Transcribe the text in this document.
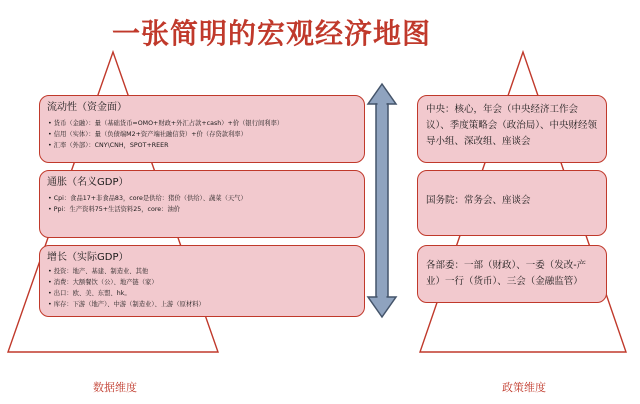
一张简明的宏观经济地图
流动性（资金面）
• 货币（金融）：量（基础货币=OMO+财政+外汇占款+cash）+价（银行间利率）
• 信用（实体）：量（负债端M2+资产端社融信贷）+价（存贷款利率）
• 汇率（外部）：CNY\CNH，SPOT+REER
通胀（名义GDP）
• Cpi：食品17+非食品83，core是供给：猪价（供给）、蔬菜（天气）
• Ppi：生产资料75+生活资料25，core：油价
增长（实际GDP）
• 投资：地产、基建、制造业、其他
• 消费：大额餐饮（公）、地产链（家）
• 出口：欧、美、东盟、hk。
• 库存：下游（地产）、中游（制造业）、上游（原材料）
中央：核心，年会（中央经济工作会议）、季度策略会（政治局）、中央财经领导小组、深改组、座谈会
国务院：常务会、座谈会
各部委：一部（财政）、一委（发改-产业）一行（货币）、三会（金融监管）
数据维度	政策维度
